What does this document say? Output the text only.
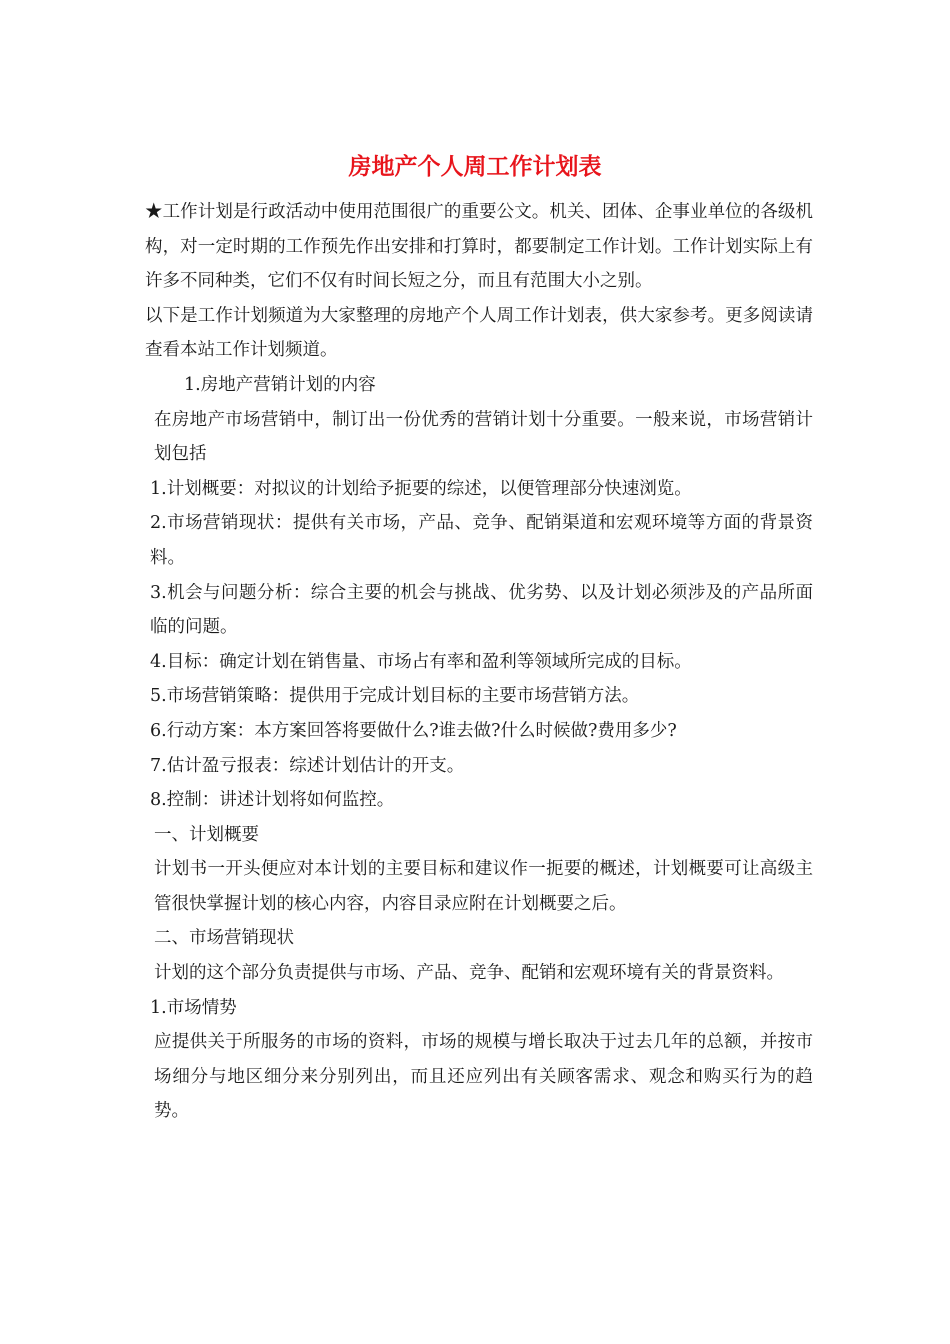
房地产个人周工作计划表

★工作计划是行政活动中使用范围很广的重要公文。机关、团体、企事业单位的各级机构，对一定时期的工作预先作出安排和打算时，都要制定工作计划。工作计划实际上有许多不同种类，它们不仅有时间长短之分，而且有范围大小之别。

以下是工作计划频道为大家整理的房地产个人周工作计划表，供大家参考。更多阅读请查看本站工作计划频道。

1.房地产营销计划的内容

在房地产市场营销中，制订出一份优秀的营销计划十分重要。一般来说，市场营销计划包括

1.计划概要：对拟议的计划给予扼要的综述，以便管理部分快速浏览。

2.市场营销现状：提供有关市场，产品、竞争、配销渠道和宏观环境等方面的背景资料。

3.机会与问题分析：综合主要的机会与挑战、优劣势、以及计划必须涉及的产品所面临的问题。

4.目标：确定计划在销售量、市场占有率和盈利等领域所完成的目标。

5.市场营销策略：提供用于完成计划目标的主要市场营销方法。

6.行动方案：本方案回答将要做什么?谁去做?什么时候做?费用多少?

7.估计盈亏报表：综述计划估计的开支。

8.控制：讲述计划将如何监控。

一、计划概要

计划书一开头便应对本计划的主要目标和建议作一扼要的概述，计划概要可让高级主管很快掌握计划的核心内容，内容目录应附在计划概要之后。

二、市场营销现状

计划的这个部分负责提供与市场、产品、竞争、配销和宏观环境有关的背景资料。

1.市场情势

应提供关于所服务的市场的资料，市场的规模与增长取决于过去几年的总额，并按市场细分与地区细分来分别列出，而且还应列出有关顾客需求、观念和购买行为的趋势。
